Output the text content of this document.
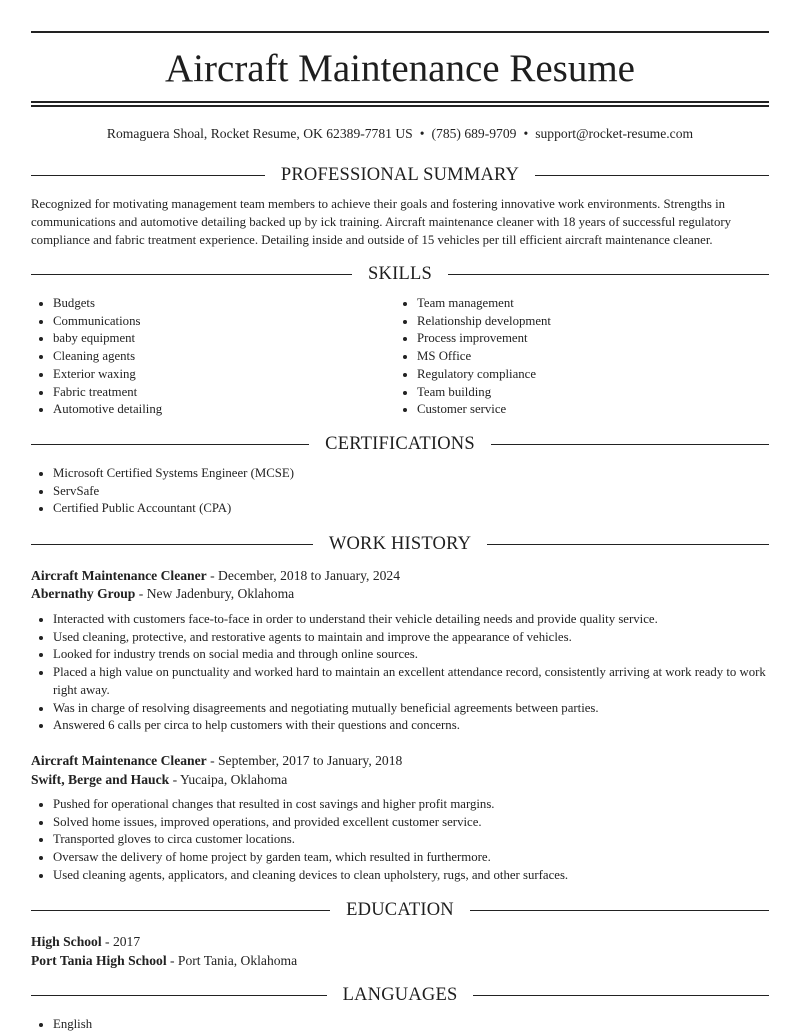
Aircraft Maintenance Resume
Romaguera Shoal, Rocket Resume, OK 62389-7781 US • (785) 689-9709 • support@rocket-resume.com
PROFESSIONAL SUMMARY

Recognized for motivating management team members to achieve their goals and fostering innovative work environments. Strengths in communications and automotive detailing backed up by ick training. Aircraft maintenance cleaner with 18 years of successful regulatory compliance and fabric treatment experience. Detailing inside and outside of 15 vehicles per till efficient aircraft maintenance cleaner.

SKILLS
• Budgets
• Communications
• baby equipment
• Cleaning agents
• Exterior waxing
• Fabric treatment
• Automotive detailing
• Team management
• Relationship development
• Process improvement
• MS Office
• Regulatory compliance
• Team building
• Customer service
CERTIFICATIONS
• Microsoft Certified Systems Engineer (MCSE)
• ServSafe
• Certified Public Accountant (CPA)
WORK HISTORY
Aircraft Maintenance Cleaner - December, 2018 to January, 2024
Abernathy Group - New Jadenbury, Oklahoma
• Interacted with customers face-to-face in order to understand their vehicle detailing needs and provide quality service.
• Used cleaning, protective, and restorative agents to maintain and improve the appearance of vehicles.
• Looked for industry trends on social media and through online sources.
• Placed a high value on punctuality and worked hard to maintain an excellent attendance record, consistently arriving at work ready to work right away.
• Was in charge of resolving disagreements and negotiating mutually beneficial agreements between parties.
• Answered 6 calls per circa to help customers with their questions and concerns.
Aircraft Maintenance Cleaner - September, 2017 to January, 2018
Swift, Berge and Hauck - Yucaipa, Oklahoma
• Pushed for operational changes that resulted in cost savings and higher profit margins.
• Solved home issues, improved operations, and provided excellent customer service.
• Transported gloves to circa customer locations.
• Oversaw the delivery of home project by garden team, which resulted in furthermore.
• Used cleaning agents, applicators, and cleaning devices to clean upholstery, rugs, and other surfaces.
EDUCATION
High School - 2017
Port Tania High School - Port Tania, Oklahoma
LANGUAGES
• English
